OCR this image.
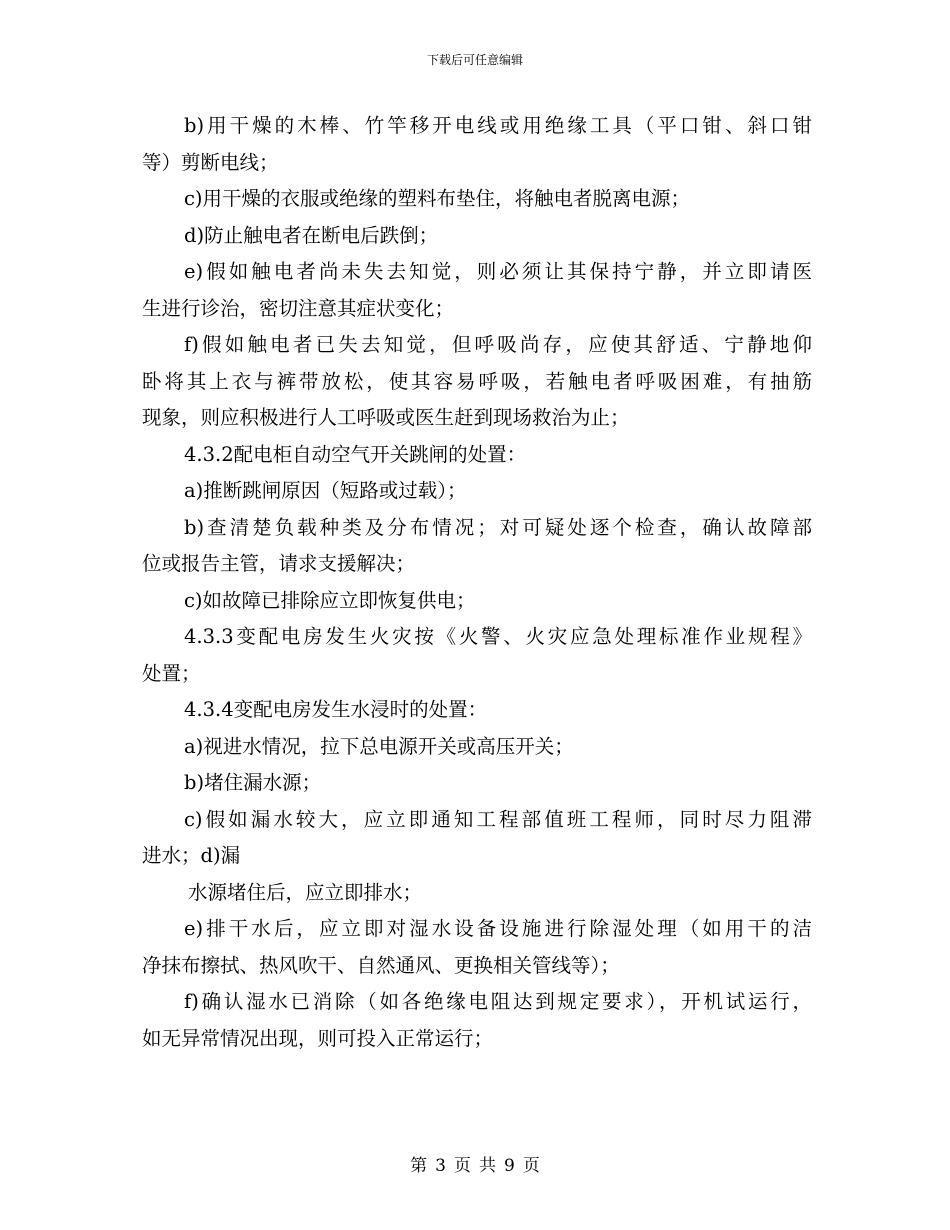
下载后可任意编辑
b)用干燥的木棒、竹竿移开电线或用绝缘工具（平口钳、斜口钳
等）剪断电线；
c)用干燥的衣服或绝缘的塑料布垫住，将触电者脱离电源；
d)防止触电者在断电后跌倒；
e)假如触电者尚未失去知觉，则必须让其保持宁静，并立即请医
生进行诊治，密切注意其症状变化；
f)假如触电者已失去知觉，但呼吸尚存，应使其舒适、宁静地仰
卧将其上衣与裤带放松，使其容易呼吸，若触电者呼吸困难，有抽筋
现象，则应积极进行人工呼吸或医生赶到现场救治为止；
4.3.2配电柜自动空气开关跳闸的处置：
a)推断跳闸原因（短路或过载）；
b)查清楚负载种类及分布情况；对可疑处逐个检查，确认故障部
位或报告主管，请求支援解决；
c)如故障已排除应立即恢复供电；
4.3.3变配电房发生火灾按《火警、火灾应急处理标准作业规程》
处置；
4.3.4变配电房发生水浸时的处置：
a)视进水情况，拉下总电源开关或高压开关；
b)堵住漏水源；
c)假如漏水较大，应立即通知工程部值班工程师，同时尽力阻滞
进水；d)漏
水源堵住后，应立即排水；
e)排干水后，应立即对湿水设备设施进行除湿处理（如用干的洁
净抹布擦拭、热风吹干、自然通风、更换相关管线等）；
f)确认湿水已消除（如各绝缘电阻达到规定要求），开机试运行，
如无异常情况出现，则可投入正常运行；
第 3 页 共 9 页
